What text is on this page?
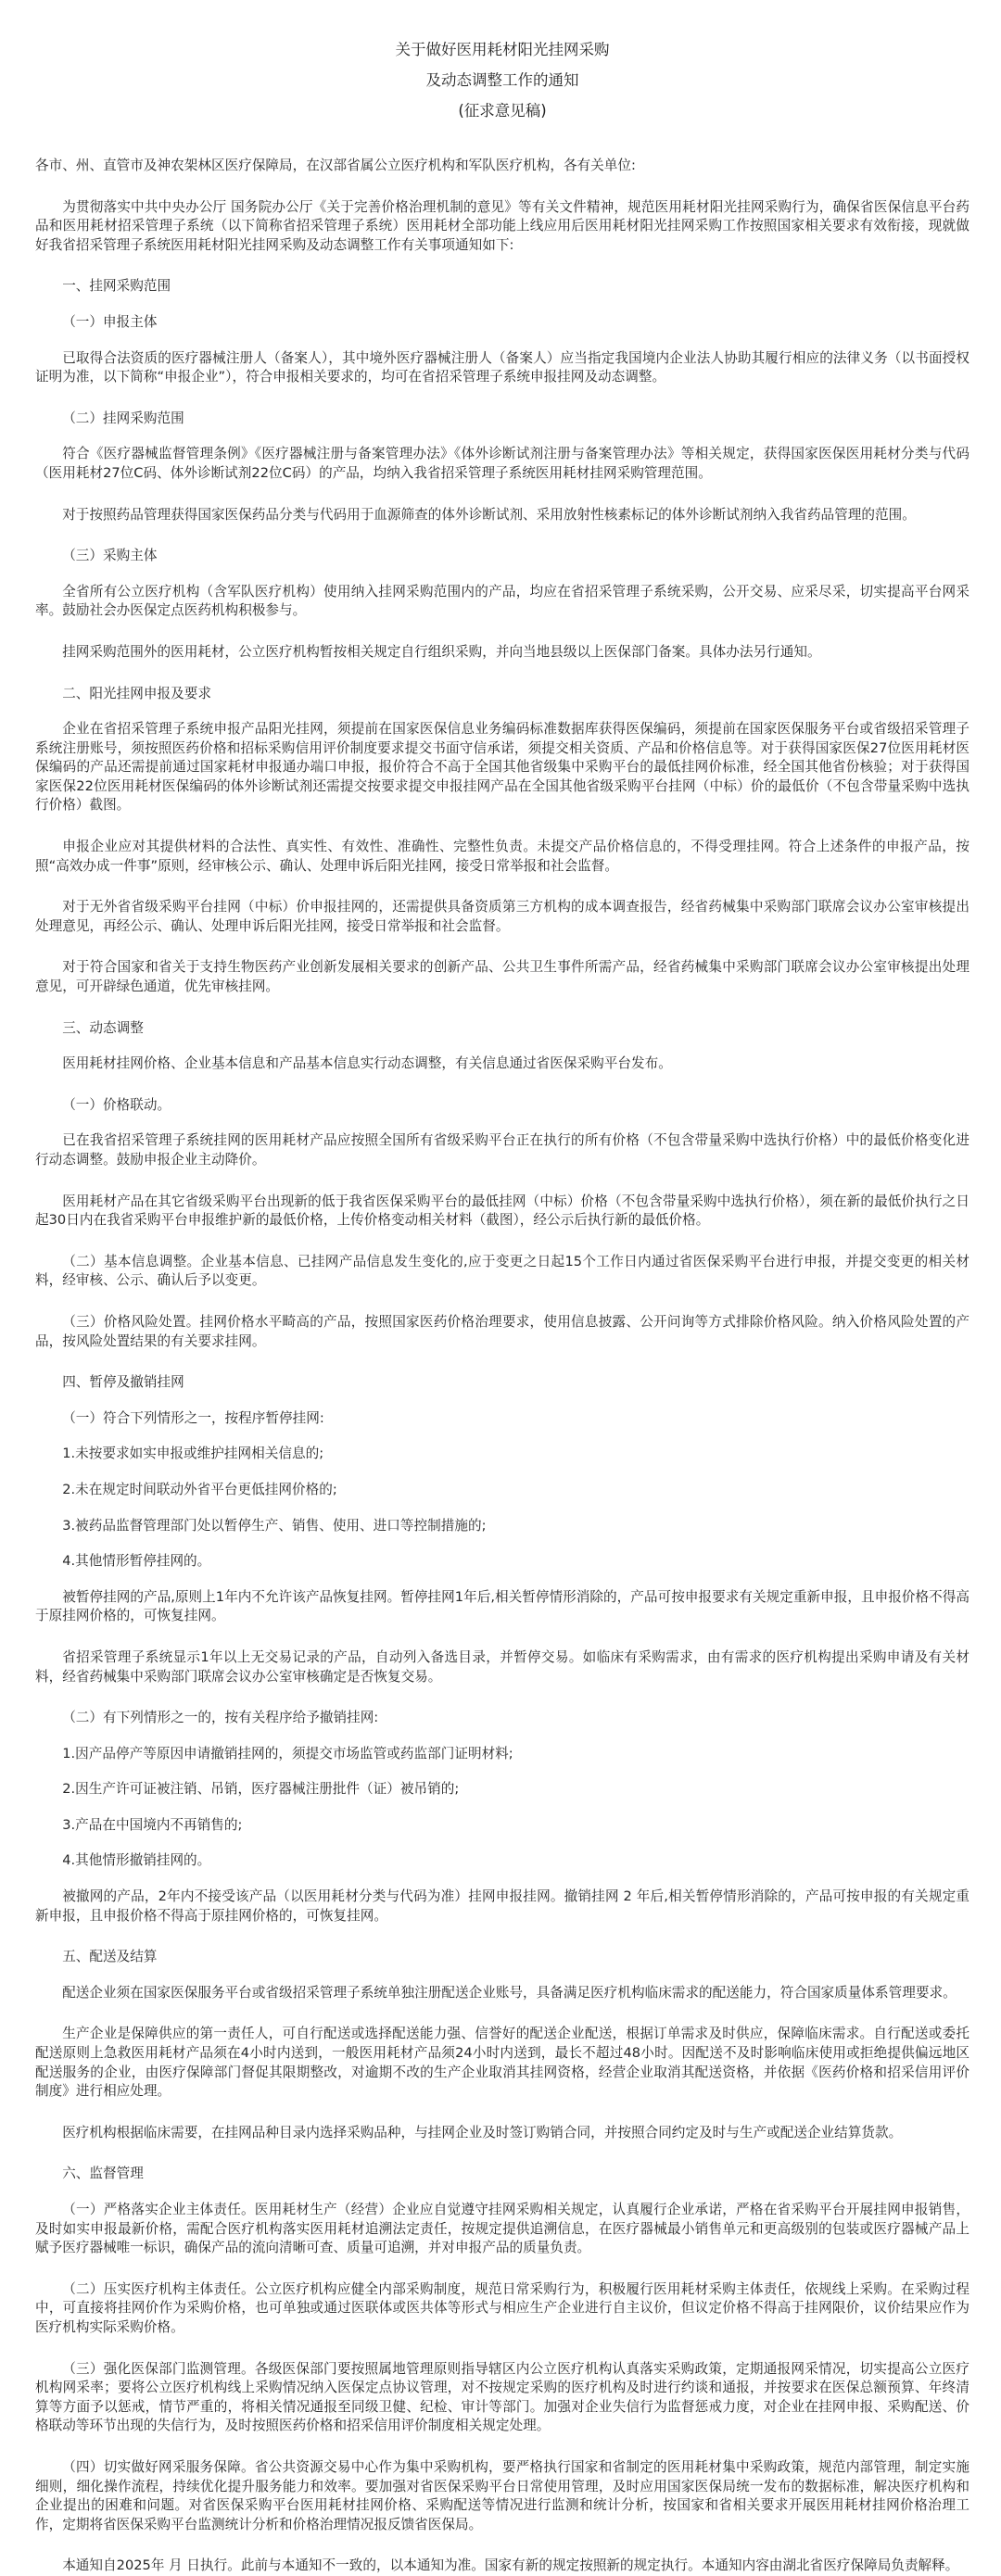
关于做好医用耗材阳光挂网采购
及动态调整工作的通知
(征求意见稿)

各市、州、直管市及神农架林区医疗保障局，在汉部省属公立医疗机构和军队医疗机构，各有关单位:

为贯彻落实中共中央办公厅 国务院办公厅《关于完善价格治理机制的意见》等有关文件精神，规范医用耗材阳光挂网采购行为，确保省医保信息平台药品和医用耗材招采管理子系统（以下简称省招采管理子系统）医用耗材全部功能上线应用后医用耗材阳光挂网采购工作按照国家相关要求有效衔接，现就做好我省招采管理子系统医用耗材阳光挂网采购及动态调整工作有关事项通知如下:

一、挂网采购范围

（一）申报主体

已取得合法资质的医疗器械注册人（备案人），其中境外医疗器械注册人（备案人）应当指定我国境内企业法人协助其履行相应的法律义务（以书面授权证明为准，以下简称“申报企业”），符合申报相关要求的，均可在省招采管理子系统申报挂网及动态调整。

（二）挂网采购范围

符合《医疗器械监督管理条例》《医疗器械注册与备案管理办法》《体外诊断试剂注册与备案管理办法》等相关规定，获得国家医保医用耗材分类与代码（医用耗材27位C码、体外诊断试剂22位C码）的产品，均纳入我省招采管理子系统医用耗材挂网采购管理范围。

对于按照药品管理获得国家医保药品分类与代码用于血源筛查的体外诊断试剂、采用放射性核素标记的体外诊断试剂纳入我省药品管理的范围。

（三）采购主体

全省所有公立医疗机构（含军队医疗机构）使用纳入挂网采购范围内的产品，均应在省招采管理子系统采购，公开交易、应采尽采，切实提高平台网采率。鼓励社会办医保定点医药机构积极参与。

挂网采购范围外的医用耗材，公立医疗机构暂按相关规定自行组织采购，并向当地县级以上医保部门备案。具体办法另行通知。

二、阳光挂网申报及要求

企业在省招采管理子系统申报产品阳光挂网，须提前在国家医保信息业务编码标准数据库获得医保编码，须提前在国家医保服务平台或省级招采管理子系统注册账号，须按照医药价格和招标采购信用评价制度要求提交书面守信承诺，须提交相关资质、产品和价格信息等。对于获得国家医保27位医用耗材医保编码的产品还需提前通过国家耗材申报通办端口申报，报价符合不高于全国其他省级集中采购平台的最低挂网价标准，经全国其他省份核验；对于获得国家医保22位医用耗材医保编码的体外诊断试剂还需提交按要求提交申报挂网产品在全国其他省级采购平台挂网（中标）价的最低价（不包含带量采购中选执行价格）截图。

申报企业应对其提供材料的合法性、真实性、有效性、准确性、完整性负责。未提交产品价格信息的，不得受理挂网。符合上述条件的申报产品，按照“高效办成一件事”原则，经审核公示、确认、处理申诉后阳光挂网，接受日常举报和社会监督。

对于无外省省级采购平台挂网（中标）价申报挂网的，还需提供具备资质第三方机构的成本调查报告，经省药械集中采购部门联席会议办公室审核提出处理意见，再经公示、确认、处理申诉后阳光挂网，接受日常举报和社会监督。

对于符合国家和省关于支持生物医药产业创新发展相关要求的创新产品、公共卫生事件所需产品，经省药械集中采购部门联席会议办公室审核提出处理意见，可开辟绿色通道，优先审核挂网。

三、动态调整

医用耗材挂网价格、企业基本信息和产品基本信息实行动态调整，有关信息通过省医保采购平台发布。

（一）价格联动。

已在我省招采管理子系统挂网的医用耗材产品应按照全国所有省级采购平台正在执行的所有价格（不包含带量采购中选执行价格）中的最低价格变化进行动态调整。鼓励申报企业主动降价。

医用耗材产品在其它省级采购平台出现新的低于我省医保采购平台的最低挂网（中标）价格（不包含带量采购中选执行价格），须在新的最低价执行之日起30日内在我省采购平台申报维护新的最低价格，上传价格变动相关材料（截图），经公示后执行新的最低价格。

（二）基本信息调整。企业基本信息、已挂网产品信息发生变化的,应于变更之日起15个工作日内通过省医保采购平台进行申报，并提交变更的相关材料，经审核、公示、确认后予以变更。

（三）价格风险处置。挂网价格水平畸高的产品，按照国家医药价格治理要求，使用信息披露、公开问询等方式排除价格风险。纳入价格风险处置的产品，按风险处置结果的有关要求挂网。

四、暂停及撤销挂网

（一）符合下列情形之一，按程序暂停挂网:

1.未按要求如实申报或维护挂网相关信息的;

2.未在规定时间联动外省平台更低挂网价格的;

3.被药品监督管理部门处以暂停生产、销售、使用、进口等控制措施的;

4.其他情形暂停挂网的。

被暂停挂网的产品,原则上1年内不允许该产品恢复挂网。暂停挂网1年后,相关暂停情形消除的，产品可按申报要求有关规定重新申报，且申报价格不得高于原挂网价格的，可恢复挂网。

省招采管理子系统显示1年以上无交易记录的产品，自动列入备选目录，并暂停交易。如临床有采购需求，由有需求的医疗机构提出采购申请及有关材料，经省药械集中采购部门联席会议办公室审核确定是否恢复交易。

（二）有下列情形之一的，按有关程序给予撤销挂网:

1.因产品停产等原因申请撤销挂网的，须提交市场监管或药监部门证明材料;

2.因生产许可证被注销、吊销，医疗器械注册批件（证）被吊销的;

3.产品在中国境内不再销售的;

4.其他情形撤销挂网的。

被撤网的产品，2年内不接受该产品（以医用耗材分类与代码为准）挂网申报挂网。撤销挂网 2 年后,相关暂停情形消除的，产品可按申报的有关规定重新申报，且申报价格不得高于原挂网价格的，可恢复挂网。

五、配送及结算

配送企业须在国家医保服务平台或省级招采管理子系统单独注册配送企业账号，具备满足医疗机构临床需求的配送能力，符合国家质量体系管理要求。

生产企业是保障供应的第一责任人，可自行配送或选择配送能力强、信誉好的配送企业配送，根据订单需求及时供应，保障临床需求。自行配送或委托配送原则上急救医用耗材产品须在4小时内送到，一般医用耗材产品须24小时内送到，最长不超过48小时。因配送不及时影响临床使用或拒绝提供偏远地区配送服务的企业，由医疗保障部门督促其限期整改，对逾期不改的生产企业取消其挂网资格，经营企业取消其配送资格，并依据《医药价格和招采信用评价制度》进行相应处理。

医疗机构根据临床需要，在挂网品种目录内选择采购品种，与挂网企业及时签订购销合同，并按照合同约定及时与生产或配送企业结算货款。

六、监督管理

（一）严格落实企业主体责任。医用耗材生产（经营）企业应自觉遵守挂网采购相关规定，认真履行企业承诺，严格在省采购平台开展挂网申报销售，及时如实申报最新价格，需配合医疗机构落实医用耗材追溯法定责任，按规定提供追溯信息，在医疗器械最小销售单元和更高级别的包装或医疗器械产品上赋予医疗器械唯一标识，确保产品的流向清晰可查、质量可追溯，并对申报产品的质量负责。

（二）压实医疗机构主体责任。公立医疗机构应健全内部采购制度，规范日常采购行为，积极履行医用耗材采购主体责任，依规线上采购。在采购过程中，可直接将挂网价作为采购价格，也可单独或通过医联体或医共体等形式与相应生产企业进行自主议价，但议定价格不得高于挂网限价，议价结果应作为医疗机构实际采购价格。

（三）强化医保部门监测管理。各级医保部门要按照属地管理原则指导辖区内公立医疗机构认真落实采购政策，定期通报网采情况，切实提高公立医疗机构网采率；要将公立医疗机构线上采购情况纳入医保定点协议管理，对不按规定采购的医疗机构及时进行约谈和通报，并按要求在医保总额预算、年终清算等方面予以惩戒，情节严重的，将相关情况通报至同级卫健、纪检、审计等部门。加强对企业失信行为监督惩戒力度，对企业在挂网申报、采购配送、价格联动等环节出现的失信行为，及时按照医药价格和招采信用评价制度相关规定处理。

（四）切实做好网采服务保障。省公共资源交易中心作为集中采购机构，要严格执行国家和省制定的医用耗材集中采购政策，规范内部管理，制定实施细则，细化操作流程，持续优化提升服务能力和效率。要加强对省医保采购平台日常使用管理，及时应用国家医保局统一发布的数据标准，解决医疗机构和企业提出的困难和问题。对省医保采购平台医用耗材挂网价格、采购配送等情况进行监测和统计分析，按国家和省相关要求开展医用耗材挂网价格治理工作，定期将省医保采购平台监测统计分析和价格治理情况报反馈省医保局。

本通知自2025年 月 日执行。此前与本通知不一致的，以本通知为准。国家有新的规定按照新的规定执行。本通知内容由湖北省医疗保障局负责解释。
